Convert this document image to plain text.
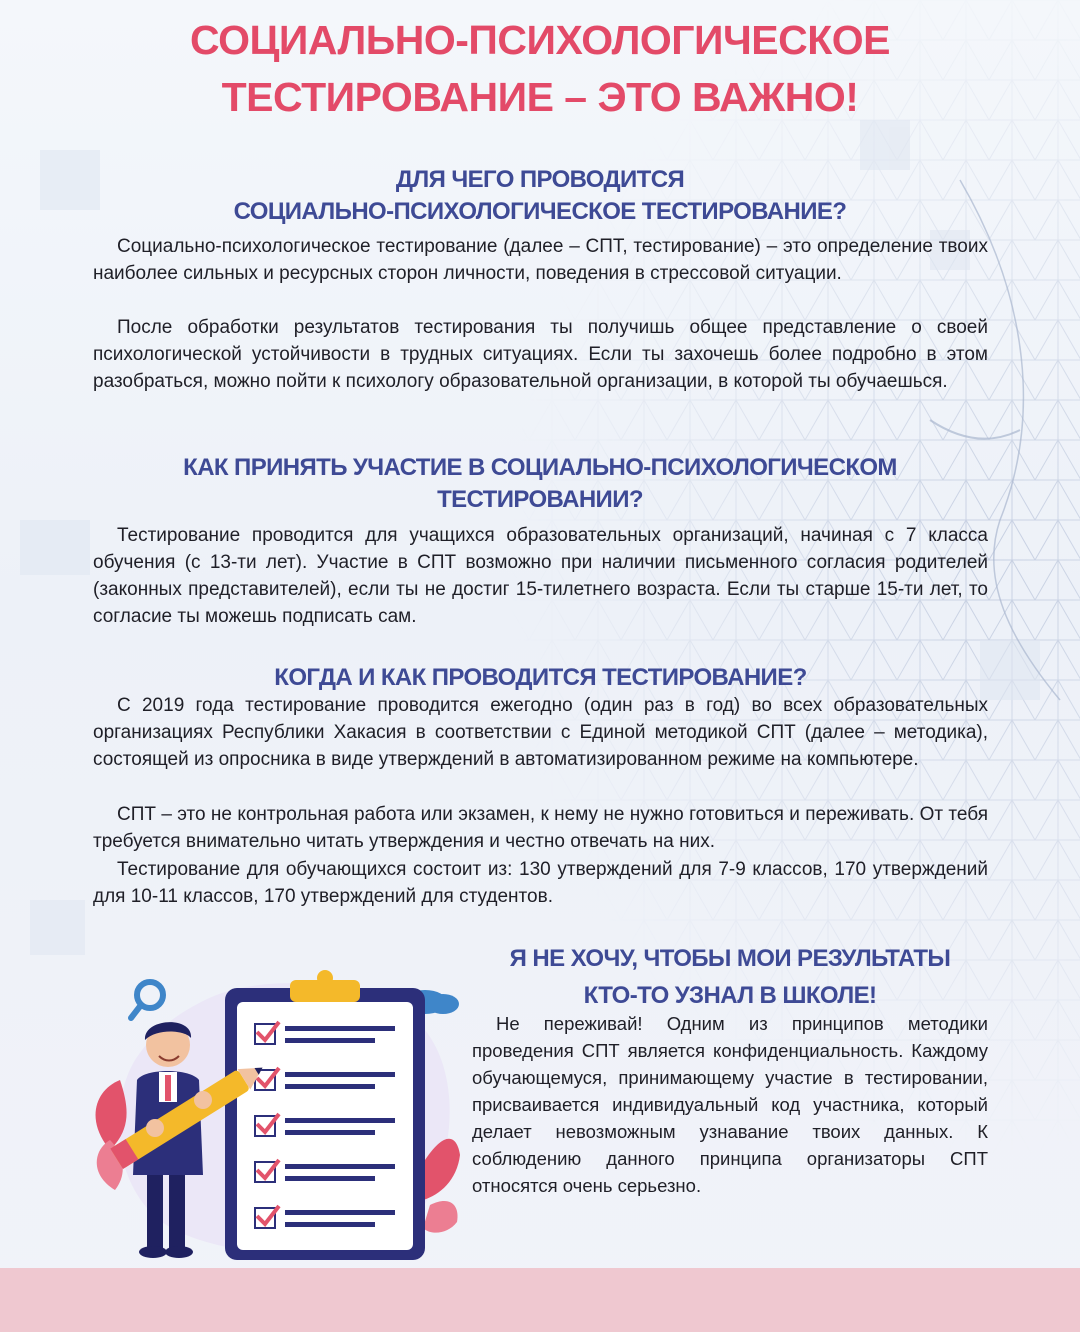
СОЦИАЛЬНО-ПСИХОЛОГИЧЕСКОЕ
ТЕСТИРОВАНИЕ – ЭТО ВАЖНО!
ДЛЯ ЧЕГО ПРОВОДИТСЯ
СОЦИАЛЬНО-ПСИХОЛОГИЧЕСКОЕ ТЕСТИРОВАНИЕ?

Социально-психологическое тестирование (далее – СПТ, тестирование) – это определение твоих наиболее сильных и ресурсных сторон личности, поведения в стрессовой ситуации.

После обработки результатов тестирования ты получишь общее представление о своей психологической устойчивости в трудных ситуациях. Если ты захочешь более подробно в этом разобраться, можно пойти к психологу образовательной организации, в которой ты обучаешься.

КАК ПРИНЯТЬ УЧАСТИЕ В СОЦИАЛЬНО-ПСИХОЛОГИЧЕСКОМ
ТЕСТИРОВАНИИ?

Тестирование проводится для учащихся образовательных организаций, начиная с 7 класса обучения (с 13-ти лет). Участие в СПТ возможно при наличии письменного согласия родителей (законных представителей), если ты не достиг 15-тилетнего возраста. Если ты старше 15-ти лет, то согласие ты можешь подписать сам.

КОГДА И КАК ПРОВОДИТСЯ ТЕСТИРОВАНИЕ?

С 2019 года тестирование проводится ежегодно (один раз в год) во всех образовательных организациях Республики Хакасия в соответствии с Единой методикой СПТ (далее – методика), состоящей из опросника в виде утверждений в автоматизированном режиме на компьютере.

СПТ – это не контрольная работа или экзамен, к нему не нужно готовиться и переживать. От тебя требуется внимательно читать утверждения и честно отвечать на них.

Тестирование для обучающихся состоит из: 130 утверждений для 7-9 классов, 170 утверждений для 10-11 классов, 170 утверждений для студентов.

Я НЕ ХОЧУ, ЧТОБЫ МОИ РЕЗУЛЬТАТЫ
КТО-ТО УЗНАЛ В ШКОЛЕ!

Не переживай! Одним из принципов методики проведения СПТ является конфиденциальность. Каждому обучающемуся, принимающему участие в тестировании, присваивается индивидуальный код участника, который делает невозможным узнавание твоих данных. К соблюдению данного принципа организаторы СПТ относятся очень серьезно.
